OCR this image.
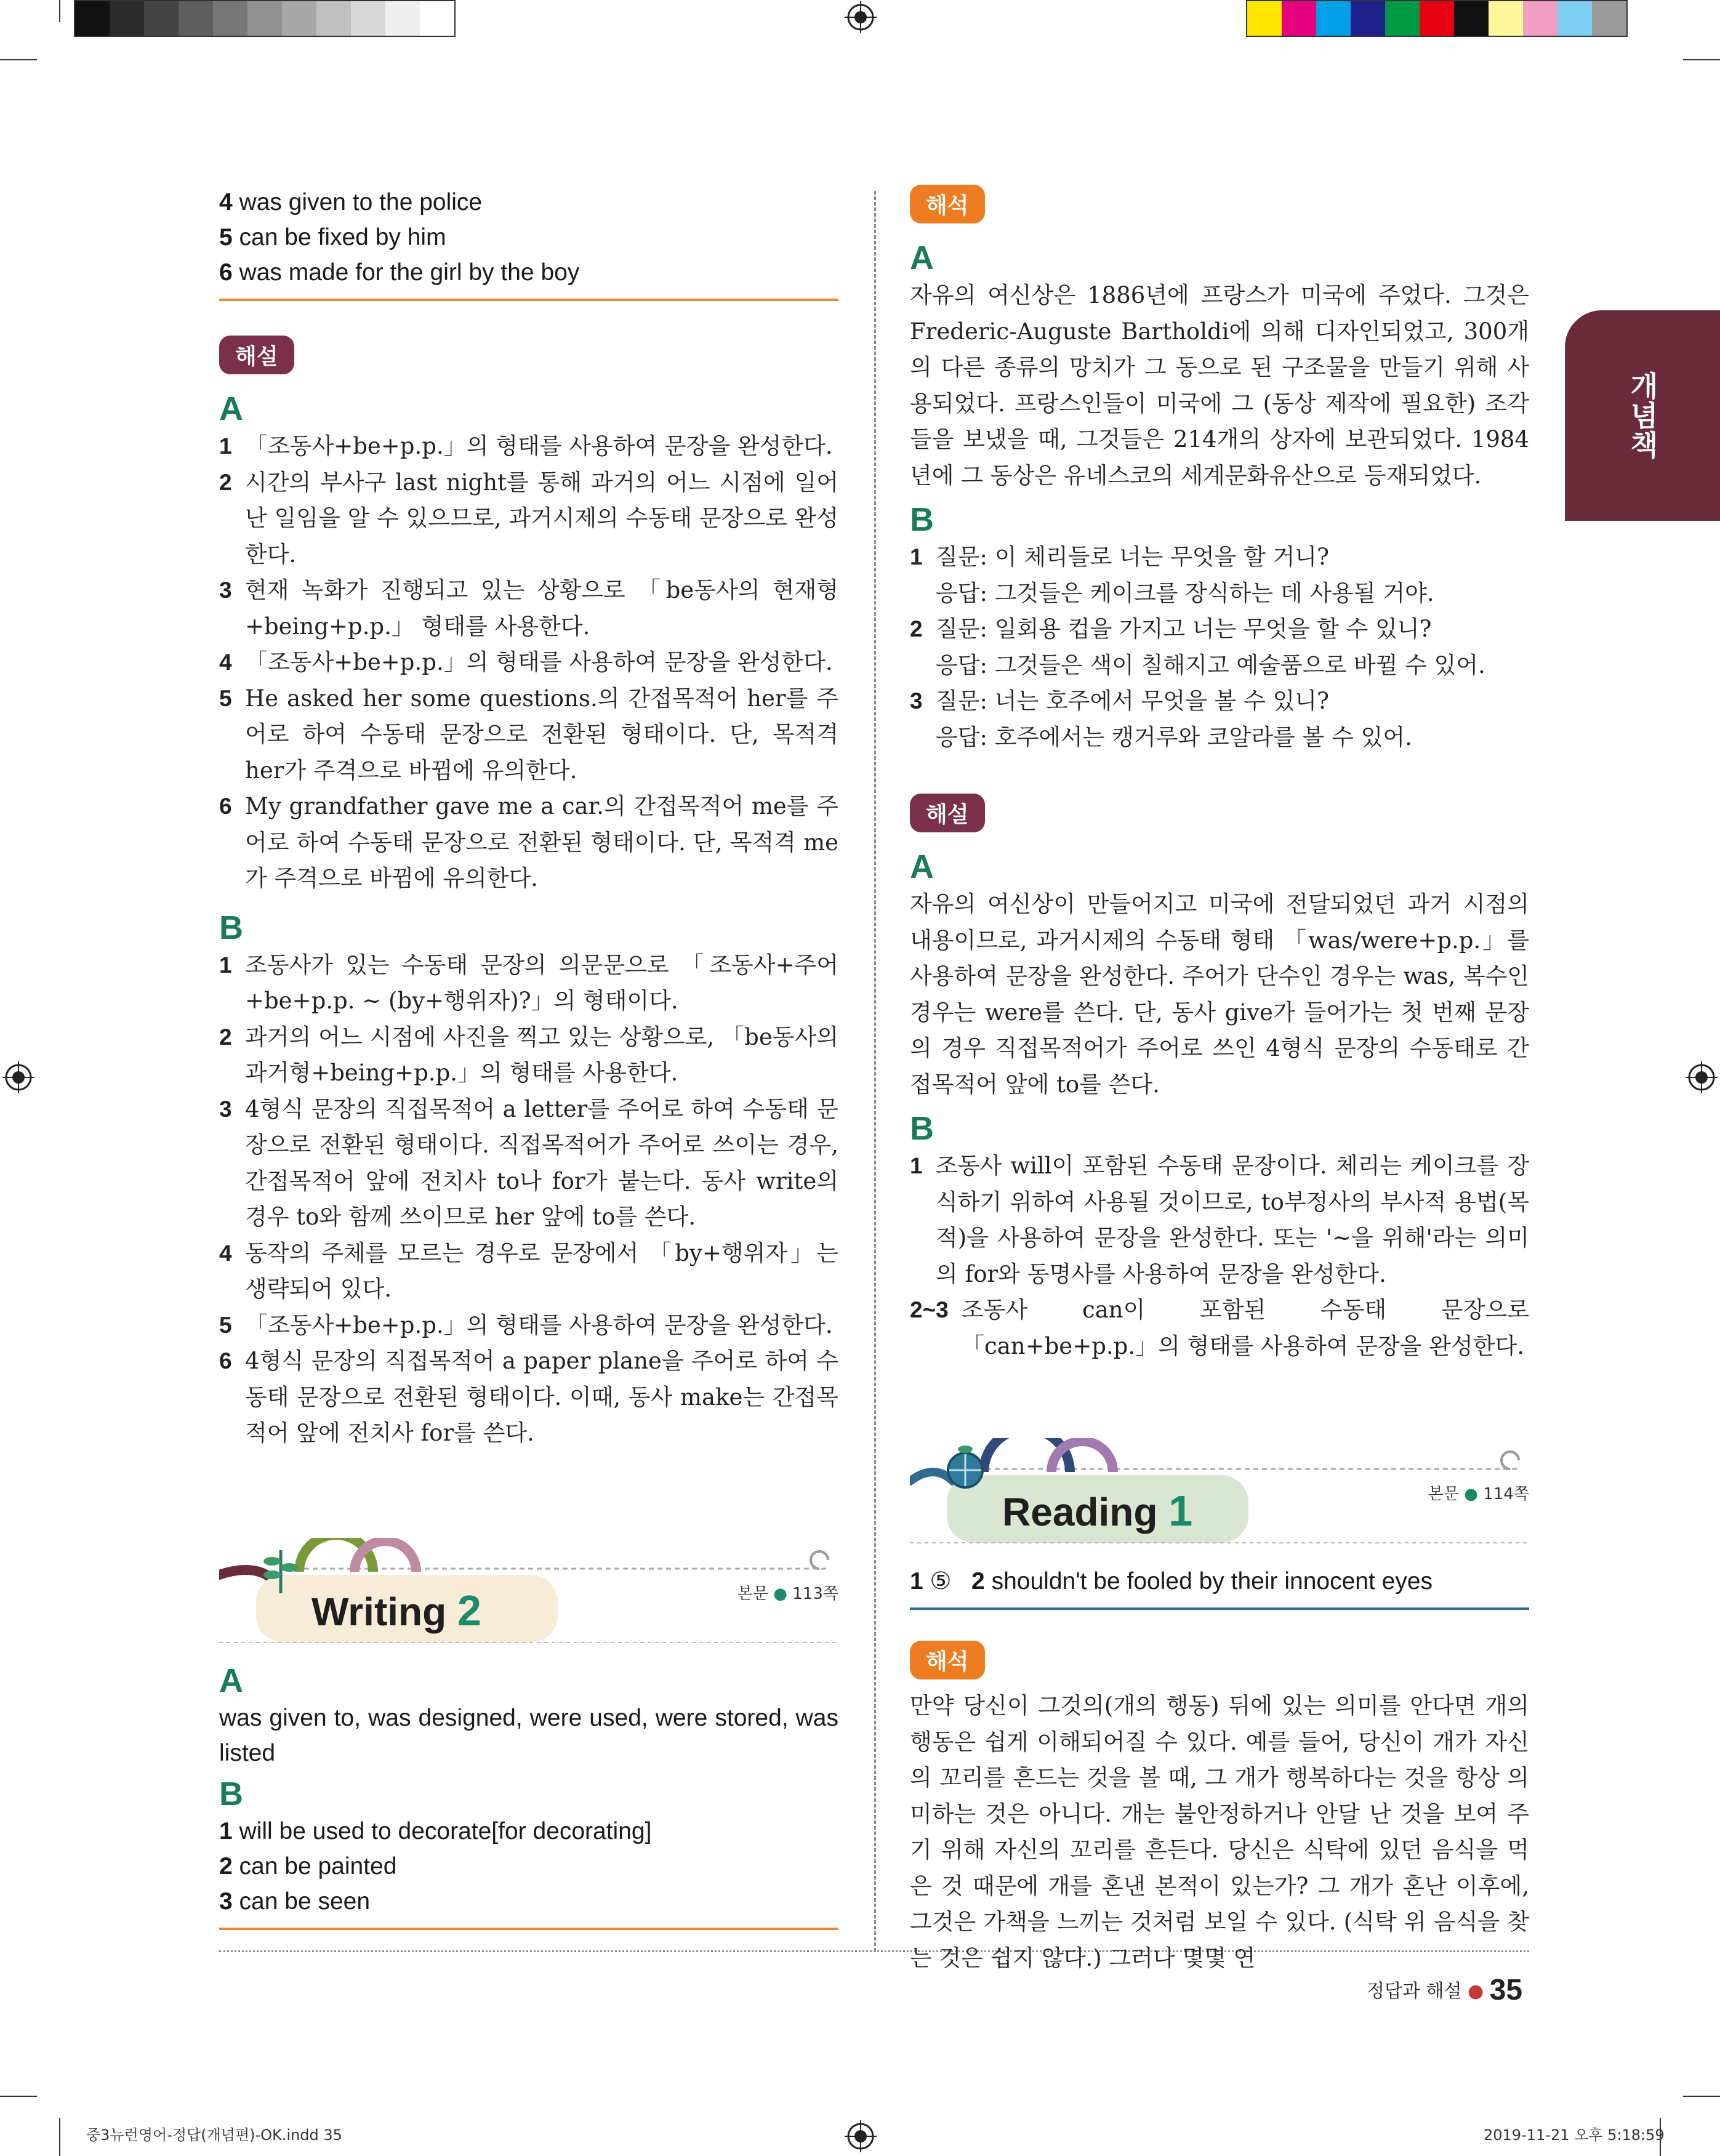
개념책
4 was given to the police
5 can be fixed by him
6 was made for the girl by the boy
해설
A
1 「조동사+be+p.p.」의 형태를 사용하여 문장을 완성한다.
2 시간의 부사구 last night를 통해 과거의 어느 시점에 일어난 일임을 알 수 있으므로, 과거시제의 수동태 문장으로 완성한다.
3 현재 녹화가 진행되고 있는 상황으로 「be동사의 현재형+being+p.p.」 형태를 사용한다.
4 「조동사+be+p.p.」의 형태를 사용하여 문장을 완성한다.
5 He asked her some questions.의 간접목적어 her를 주어로 하여 수동태 문장으로 전환된 형태이다. 단, 목적격 her가 주격으로 바뀜에 유의한다.
6 My grandfather gave me a car.의 간접목적어 me를 주어로 하여 수동태 문장으로 전환된 형태이다. 단, 목적격 me가 주격으로 바뀜에 유의한다.
B
1 조동사가 있는 수동태 문장의 의문문으로 「조동사+주어+be+p.p. ~ (by+행위자)?」의 형태이다.
2 과거의 어느 시점에 사진을 찍고 있는 상황으로, 「be동사의 과거형+being+p.p.」의 형태를 사용한다.
3 4형식 문장의 직접목적어 a letter를 주어로 하여 수동태 문장으로 전환된 형태이다. 직접목적어가 주어로 쓰이는 경우, 간접목적어 앞에 전치사 to나 for가 붙는다. 동사 write의 경우 to와 함께 쓰이므로 her 앞에 to를 쓴다.
4 동작의 주체를 모르는 경우로 문장에서 「by+행위자」는 생략되어 있다.
5 「조동사+be+p.p.」의 형태를 사용하여 문장을 완성한다.
6 4형식 문장의 직접목적어 a paper plane을 주어로 하여 수동태 문장으로 전환된 형태이다. 이때, 동사 make는 간접목적어 앞에 전치사 for를 쓴다.
Writing 2	본문 ● 113쪽
A
was given to, was designed, were used, were stored, was listed
B
1 will be used to decorate[for decorating]
2 can be painted
3 can be seen
해석
A
자유의 여신상은 1886년에 프랑스가 미국에 주었다. 그것은 Frederic-Auguste Bartholdi에 의해 디자인되었고, 300개의 다른 종류의 망치가 그 동으로 된 구조물을 만들기 위해 사용되었다. 프랑스인들이 미국에 그 (동상 제작에 필요한) 조각들을 보냈을 때, 그것들은 214개의 상자에 보관되었다. 1984년에 그 동상은 유네스코의 세계문화유산으로 등재되었다.
B
1 질문: 이 체리들로 너는 무엇을 할 거니?
응답: 그것들은 케이크를 장식하는 데 사용될 거야.
2 질문: 일회용 컵을 가지고 너는 무엇을 할 수 있니?
응답: 그것들은 색이 칠해지고 예술품으로 바뀔 수 있어.
3 질문: 너는 호주에서 무엇을 볼 수 있니?
응답: 호주에서는 캥거루와 코알라를 볼 수 있어.
해설
A
자유의 여신상이 만들어지고 미국에 전달되었던 과거 시점의 내용이므로, 과거시제의 수동태 형태 「was/were+p.p.」를 사용하여 문장을 완성한다. 주어가 단수인 경우는 was, 복수인 경우는 were를 쓴다. 단, 동사 give가 들어가는 첫 번째 문장의 경우 직접목적어가 주어로 쓰인 4형식 문장의 수동태로 간접목적어 앞에 to를 쓴다.
B
1 조동사 will이 포함된 수동태 문장이다. 체리는 케이크를 장식하기 위하여 사용될 것이므로, to부정사의 부사적 용법(목적)을 사용하여 문장을 완성한다. 또는 '~을 위해'라는 의미의 for와 동명사를 사용하여 문장을 완성한다.
2~3 조동사 can이 포함된 수동태 문장으로 「can+be+p.p.」의 형태를 사용하여 문장을 완성한다.
Reading 1	본문 ● 114쪽
1 ⑤ 2 shouldn't be fooled by their innocent eyes
해석
만약 당신이 그것의(개의 행동) 뒤에 있는 의미를 안다면 개의 행동은 쉽게 이해되어질 수 있다. 예를 들어, 당신이 개가 자신의 꼬리를 흔드는 것을 볼 때, 그 개가 행복하다는 것을 항상 의미하는 것은 아니다. 개는 불안정하거나 안달 난 것을 보여 주기 위해 자신의 꼬리를 흔든다. 당신은 식탁에 있던 음식을 먹은 것 때문에 개를 혼낸 본적이 있는가? 그 개가 혼난 이후에, 그것은 가책을 느끼는 것처럼 보일 수 있다. (식탁 위 음식을 찾는 것은 쉽지 않다.) 그러나 몇몇 연
정답과 해설 ● 35
중3뉴런영어-정답(개념편)-OK.indd 35	2019-11-21 오후 5:18:59
